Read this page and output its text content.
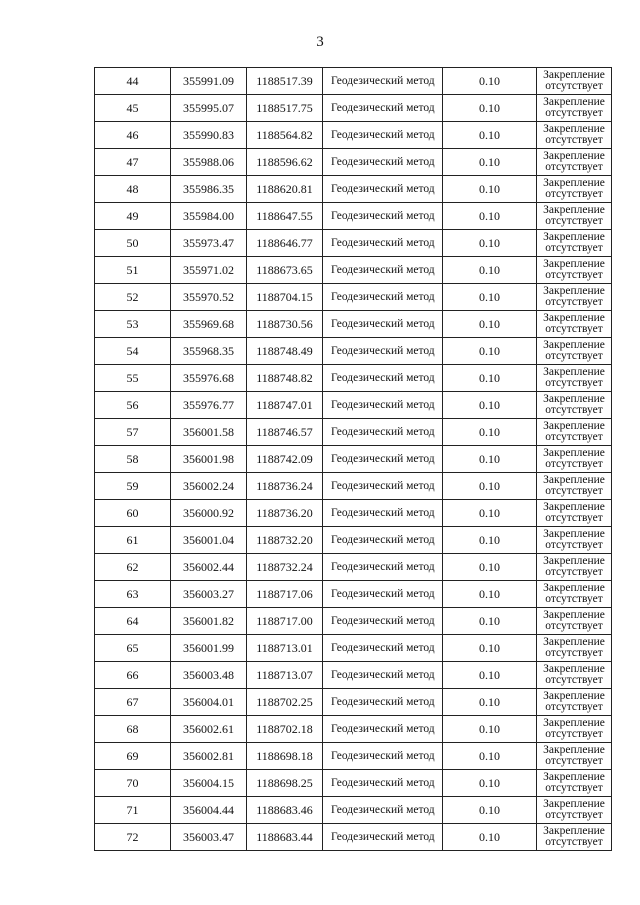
3
44	355991.09	1188517.39	Геодезический метод	0.10	Закрепление
отсутствует

45	355995.07	1188517.75	Геодезический метод	0.10	Закрепление
отсутствует

46	355990.83	1188564.82	Геодезический метод	0.10	Закрепление
отсутствует

47	355988.06	1188596.62	Геодезический метод	0.10	Закрепление
отсутствует

48	355986.35	1188620.81	Геодезический метод	0.10	Закрепление
отсутствует

49	355984.00	1188647.55	Геодезический метод	0.10	Закрепление
отсутствует

50	355973.47	1188646.77	Геодезический метод	0.10	Закрепление
отсутствует

51	355971.02	1188673.65	Геодезический метод	0.10	Закрепление
отсутствует

52	355970.52	1188704.15	Геодезический метод	0.10	Закрепление
отсутствует

53	355969.68	1188730.56	Геодезический метод	0.10	Закрепление
отсутствует

54	355968.35	1188748.49	Геодезический метод	0.10	Закрепление
отсутствует

55	355976.68	1188748.82	Геодезический метод	0.10	Закрепление
отсутствует

56	355976.77	1188747.01	Геодезический метод	0.10	Закрепление
отсутствует

57	356001.58	1188746.57	Геодезический метод	0.10	Закрепление
отсутствует

58	356001.98	1188742.09	Геодезический метод	0.10	Закрепление
отсутствует

59	356002.24	1188736.24	Геодезический метод	0.10	Закрепление
отсутствует

60	356000.92	1188736.20	Геодезический метод	0.10	Закрепление
отсутствует

61	356001.04	1188732.20	Геодезический метод	0.10	Закрепление
отсутствует

62	356002.44	1188732.24	Геодезический метод	0.10	Закрепление
отсутствует

63	356003.27	1188717.06	Геодезический метод	0.10	Закрепление
отсутствует

64	356001.82	1188717.00	Геодезический метод	0.10	Закрепление
отсутствует

65	356001.99	1188713.01	Геодезический метод	0.10	Закрепление
отсутствует

66	356003.48	1188713.07	Геодезический метод	0.10	Закрепление
отсутствует

67	356004.01	1188702.25	Геодезический метод	0.10	Закрепление
отсутствует

68	356002.61	1188702.18	Геодезический метод	0.10	Закрепление
отсутствует

69	356002.81	1188698.18	Геодезический метод	0.10	Закрепление
отсутствует

70	356004.15	1188698.25	Геодезический метод	0.10	Закрепление
отсутствует

71	356004.44	1188683.46	Геодезический метод	0.10	Закрепление
отсутствует

72	356003.47	1188683.44	Геодезический метод	0.10	Закрепление
отсутствует
